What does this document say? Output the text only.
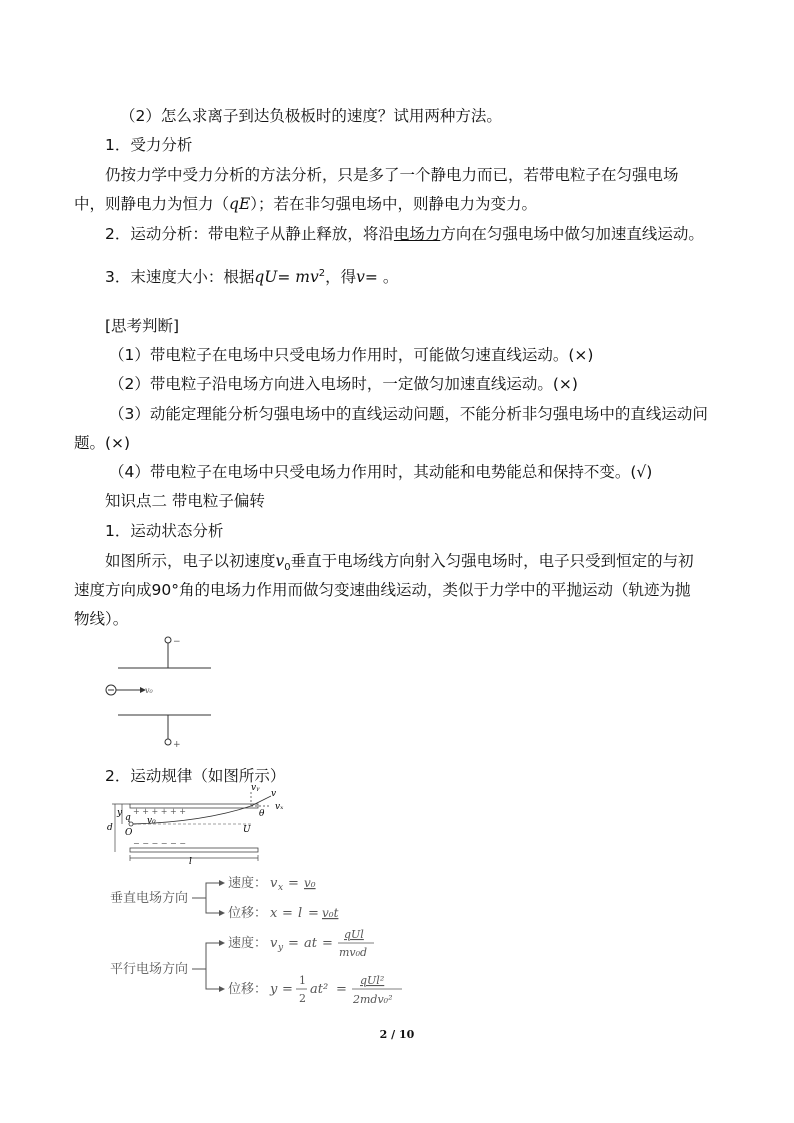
（2）怎么求离子到达负极板时的速度？试用两种方法。
1．受力分析
仍按力学中受力分析的方法分析，只是多了一个静电力而已，若带电粒子在匀强电场
中，则静电力为恒力（qE）；若在非匀强电场中，则静电力为变力。
2．运动分析：带电粒子从静止释放，将沿电场力方向在匀强电场中做匀加速直线运动。
3．末速度大小：根据$qU= mv^2$，得v= 。
[思考判断]
（1）带电粒子在电场中只受电场力作用时，可能做匀速直线运动。(×)
（2）带电粒子沿电场方向进入电场时，一定做匀加速直线运动。(×)
（3）动能定理能分析匀强电场中的直线运动问题，不能分析非匀强电场中的直线运动问
题。(×)
（4）带电粒子在电场中只受电场力作用时，其动能和电势能总和保持不变。(√)
知识点二 带电粒子偏转
1．运动状态分析
如图所示，电子以初速度$v_0$垂直于电场线方向射入匀强电场时，电子只受到恒定的与初
速度方向成90°角的电场力作用而做匀变速曲线运动，类似于力学中的平抛运动（轨迹为抛
物线）。
−
v₀
+
2．运动规律（如图所示）
+ + + + + +
− − − − − −
d
y q
O
v₀
vᵧ
v
vₓ
θ
U
l
垂直电场方向
速度： v x = v₀
位移： x = l = v₀t
平行电场方向
速度： v y = at =
qUl
mv₀d
位移： y =
1
2
at² =
qUl²
2mdv₀²
2 / 10
